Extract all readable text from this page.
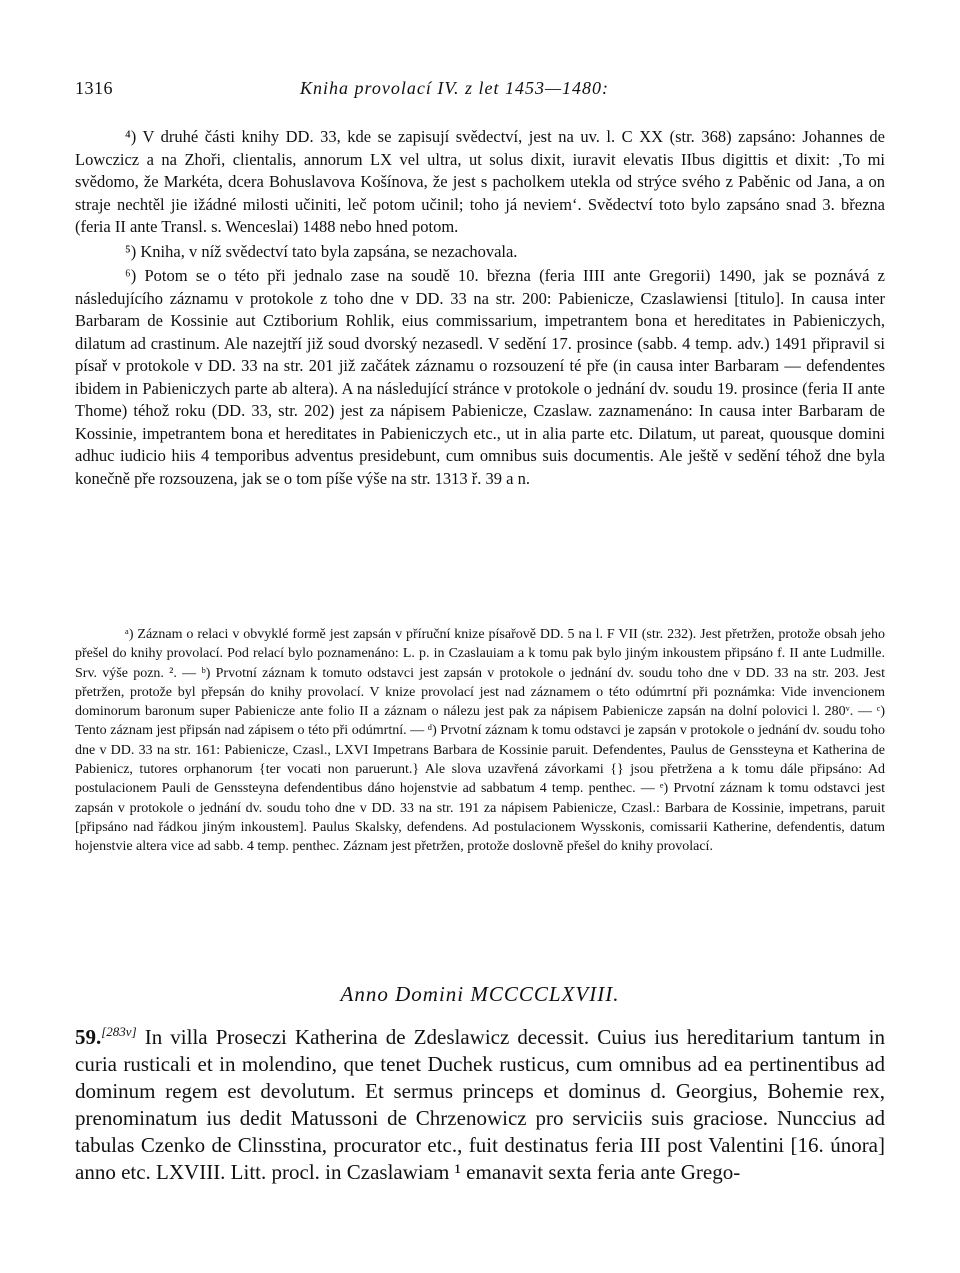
1316	Kniha provolací IV. z let 1453—1480:

⁴) V druhé části knihy DD. 33, kde se zapisují svědectví, jest na uv. l. C XX (str. 368) zapsáno: Johannes de Lowczicz a na Zhoři, clientalis, annorum LX vel ultra, ut solus dixit, iuravit elevatis IIbus digittis et dixit: ‚To mi svědomo, že Markéta, dcera Bohuslavova Košínova, že jest s pacholkem utekla od strýce svého z Paběnic od Jana, a on straje nechtěl jie ižádné milosti učiniti, leč potom učinil; toho já neviem‘. Svědectví toto bylo zapsáno snad 3. března (feria II ante Transl. s. Wenceslai) 1488 nebo hned potom.

⁵) Kniha, v níž svědectví tato byla zapsána, se nezachovala.

⁶) Potom se o této při jednalo zase na soudě 10. března (feria IIII ante Gregorii) 1490, jak se poznává z následujícího záznamu v protokole z toho dne v DD. 33 na str. 200: Pabienicze, Czaslawiensi [titulo]. In causa inter Barbaram de Kossinie aut Cztiborium Rohlik, eius commissarium, impetrantem bona et hereditates in Pabieniczych, dilatum ad crastinum. Ale nazejtří již soud dvorský nezasedl. V sedění 17. prosince (sabb. 4 temp. adv.) 1491 připravil si písař v protokole v DD. 33 na str. 201 již začátek záznamu o rozsouzení té pře (in causa inter Barbaram — defendentes ibidem in Pabieniczych parte ab altera). A na následující stránce v protokole o jednání dv. soudu 19. prosince (feria II ante Thome) téhož roku (DD. 33, str. 202) jest za nápisem Pabienicze, Czaslaw. zaznamenáno: In causa inter Barbaram de Kossinie, impetrantem bona et hereditates in Pabieniczych etc., ut in alia parte etc. Dilatum, ut pareat, quousque domini adhuc iudicio hiis 4 temporibus adventus presidebunt, cum omnibus suis documentis. Ale ještě v sedění téhož dne byla konečně pře rozsouzena, jak se o tom píše výše na str. 1313 ř. 39 a n.

ᵃ) Záznam o relaci v obvyklé formě jest zapsán v příruční knize písařově DD. 5 na l. F VII (str. 232). Jest přetržen, protože obsah jeho přešel do knihy provolací. Pod relací bylo poznamenáno: L. p. in Czaslauiam a k tomu pak bylo jiným inkoustem připsáno f. II ante Ludmille. Srv. výše pozn. ². — ᵇ) Prvotní záznam k tomuto odstavci jest zapsán v protokole o jednání dv. soudu toho dne v DD. 33 na str. 203. Jest přetržen, protože byl přepsán do knihy provolací. V knize provolací jest nad záznamem o této odúmrtní při poznámka: Vide invencionem dominorum baronum super Pabienicze ante folio II a záznam o nálezu jest pak za nápisem Pabienicze zapsán na dolní polovici l. 280ᵛ. — ᶜ) Tento záznam jest připsán nad zápisem o této při odúmrtní. — ᵈ) Prvotní záznam k tomu odstavci je zapsán v protokole o jednání dv. soudu toho dne v DD. 33 na str. 161: Pabienicze, Czasl., LXVI Impetrans Barbara de Kossinie paruit. Defendentes, Paulus de Genssteyna et Katherina de Pabienicz, tutores orphanorum {ter vocati non paruerunt.} Ale slova uzavřená závorkami {} jsou přetržena a k tomu dále připsáno: Ad postulacionem Pauli de Genssteyna defendentibus dáno hojenstvie ad sabbatum 4 temp. penthec. — ᵉ) Prvotní záznam k tomu odstavci jest zapsán v protokole o jednání dv. soudu toho dne v DD. 33 na str. 191 za nápisem Pabienicze, Czasl.: Barbara de Kossinie, impetrans, paruit [připsáno nad řádkou jiným inkoustem]. Paulus Skalsky, defendens. Ad postulacionem Wysskonis, comissarii Katherine, defendentis, datum hojenstvie altera vice ad sabb. 4 temp. penthec. Záznam jest přetržen, protože doslovně přešel do knihy provolací.

Anno Domini MCCCCLXVIII.

59.[283v] In villa Proseczi Katherina de Zdeslawicz decessit. Cuius ius hereditarium tantum in curia rusticali et in molendino, que tenet Duchek rusticus, cum omnibus ad ea pertinentibus ad dominum regem est devolutum. Et sermus princeps et dominus d. Georgius, Bohemie rex, prenominatum ius dedit Matussoni de Chrzenowicz pro serviciis suis graciose. Nunccius ad tabulas Czenko de Clinsstina, procurator etc., fuit destinatus feria III post Valentini [16. února] anno etc. LXVIII. Litt. procl. in Czaslawiam ¹ emanavit sexta feria ante Grego-
